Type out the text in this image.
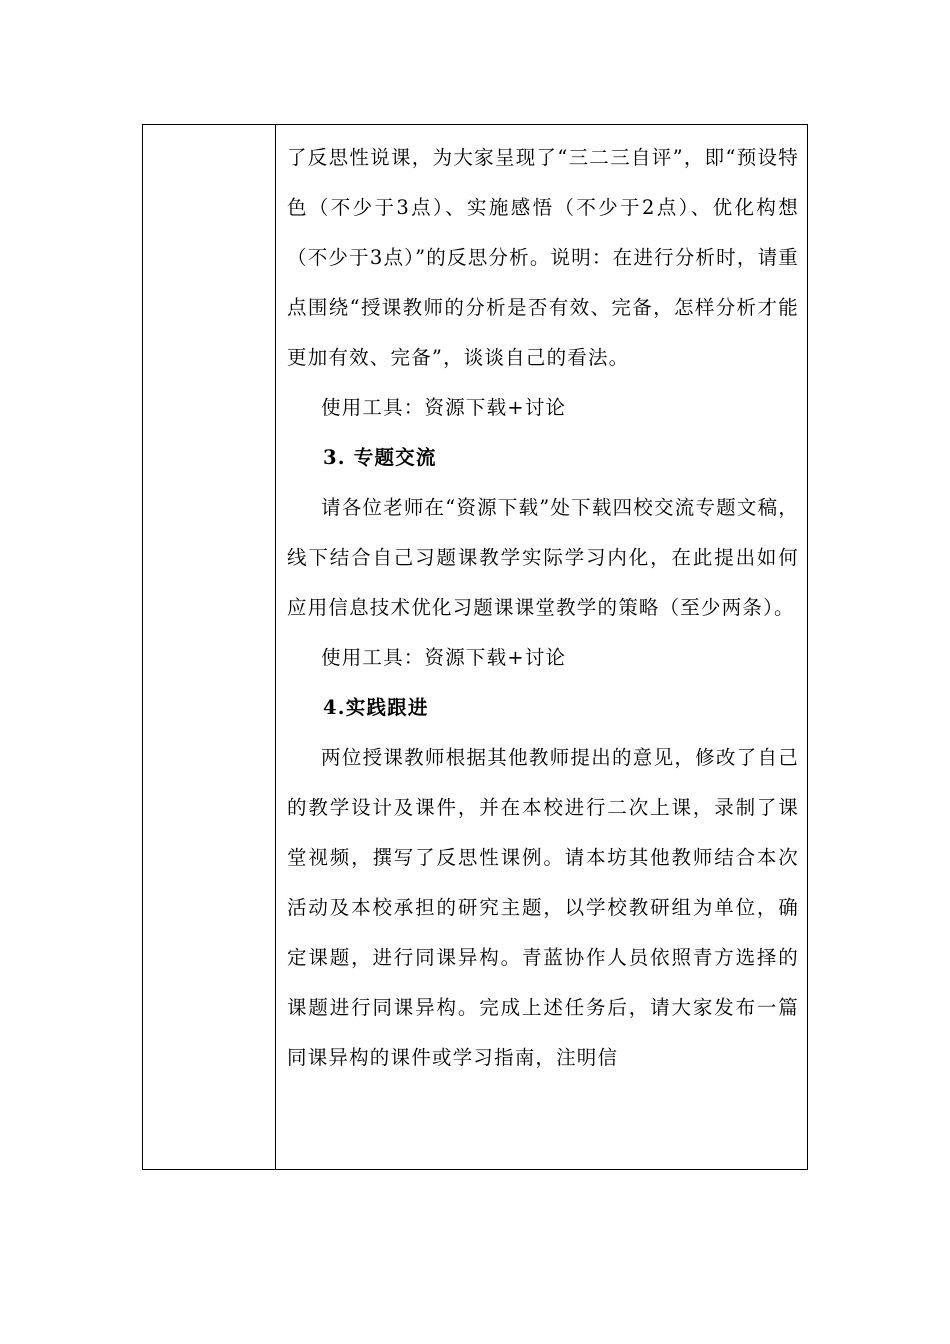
了反思性说课，为大家呈现了“三二三自评”，即“预设特色（不少于3点）、实施感悟（不少于2点）、优化构想（不少于3点）”的反思分析。说明：在进行分析时，请重点围绕“授课教师的分析是否有效、完备，怎样分析才能更加有效、完备”，谈谈自己的看法。

使用工具：资源下载+讨论

3. 专题交流

请各位老师在“资源下载”处下载四校交流专题文稿，线下结合自己习题课教学实际学习内化，在此提出如何应用信息技术优化习题课课堂教学的策略（至少两条）。

使用工具：资源下载+讨论

4.实践跟进

两位授课教师根据其他教师提出的意见，修改了自己的教学设计及课件，并在本校进行二次上课，录制了课堂视频，撰写了反思性课例。请本坊其他教师结合本次活动及本校承担的研究主题，以学校教研组为单位，确定课题，进行同课异构。青蓝协作人员依照青方选择的课题进行同课异构。完成上述任务后，请大家发布一篇同课异构的课件或学习指南，注明信
